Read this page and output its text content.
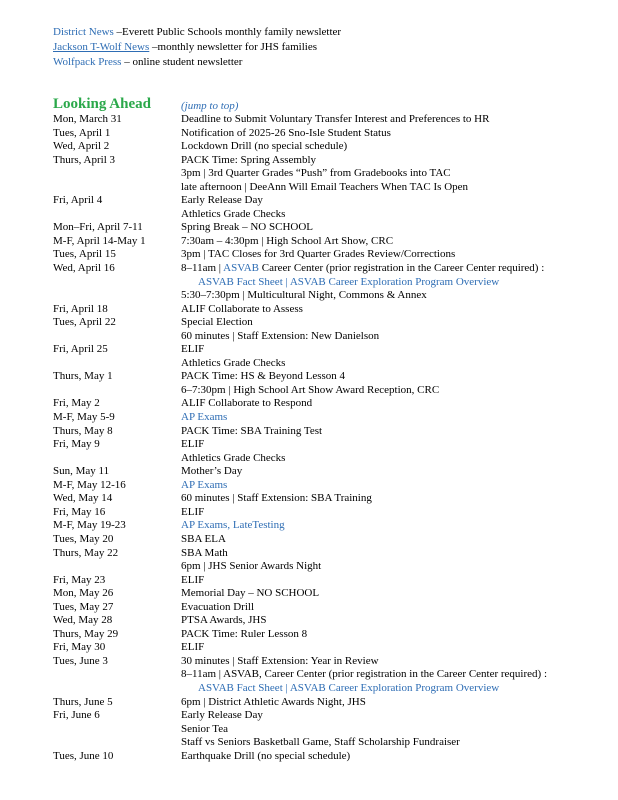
District News –Everett Public Schools monthly family newsletter
Jackson T-Wolf News –monthly newsletter for JHS families
Wolfpack Press – online student newsletter
Looking Ahead	(jump to top)
Mon, March 31	Deadline to Submit Voluntary Transfer Interest and Preferences to HR
Tues, April 1	Notification of 2025-26 Sno-Isle Student Status
Wed, April 2	Lockdown Drill (no special schedule)
Thurs, April 3	PACK Time: Spring Assembly
3pm | 3rd Quarter Grades “Push” from Gradebooks into TAC
late afternoon | DeeAnn Will Email Teachers When TAC Is Open
Fri, April 4	Early Release Day
Athletics Grade Checks
Mon–Fri, April 7-11	Spring Break – NO SCHOOL
M-F, April 14-May 1	7:30am – 4:30pm | High School Art Show, CRC
Tues, April 15	3pm | TAC Closes for 3rd Quarter Grades Review/Corrections
Wed, April 16	8–11am | ASVAB Career Center (prior registration in the Career Center required) :
ASVAB Fact Sheet | ASVAB Career Exploration Program Overview
5:30–7:30pm | Multicultural Night, Commons & Annex
Fri, April 18	ALIF Collaborate to Assess
Tues, April 22	Special Election
60 minutes | Staff Extension: New Danielson
Fri, April 25	ELIF
Athletics Grade Checks
Thurs, May 1	PACK Time: HS & Beyond Lesson 4
6–7:30pm | High School Art Show Award Reception, CRC
Fri, May 2	ALIF Collaborate to Respond
M-F, May 5-9	AP Exams
Thurs, May 8	PACK Time: SBA Training Test
Fri, May 9	ELIF
Athletics Grade Checks
Sun, May 11	Mother’s Day
M-F, May 12-16	AP Exams
Wed, May 14	60 minutes | Staff Extension: SBA Training
Fri, May 16	ELIF
M-F, May 19-23	AP Exams, LateTesting
Tues, May 20	SBA ELA
Thurs, May 22	SBA Math
6pm | JHS Senior Awards Night
Fri, May 23	ELIF
Mon, May 26	Memorial Day – NO SCHOOL
Tues, May 27	Evacuation Drill
Wed, May 28	PTSA Awards, JHS
Thurs, May 29	PACK Time: Ruler Lesson 8
Fri, May 30	ELIF
Tues, June 3	30 minutes | Staff Extension: Year in Review
8–11am | ASVAB, Career Center (prior registration in the Career Center required) :
ASVAB Fact Sheet | ASVAB Career Exploration Program Overview
Thurs, June 5	6pm | District Athletic Awards Night, JHS
Fri, June 6	Early Release Day
Senior Tea
Staff vs Seniors Basketball Game, Staff Scholarship Fundraiser
Tues, June 10	Earthquake Drill (no special schedule)
